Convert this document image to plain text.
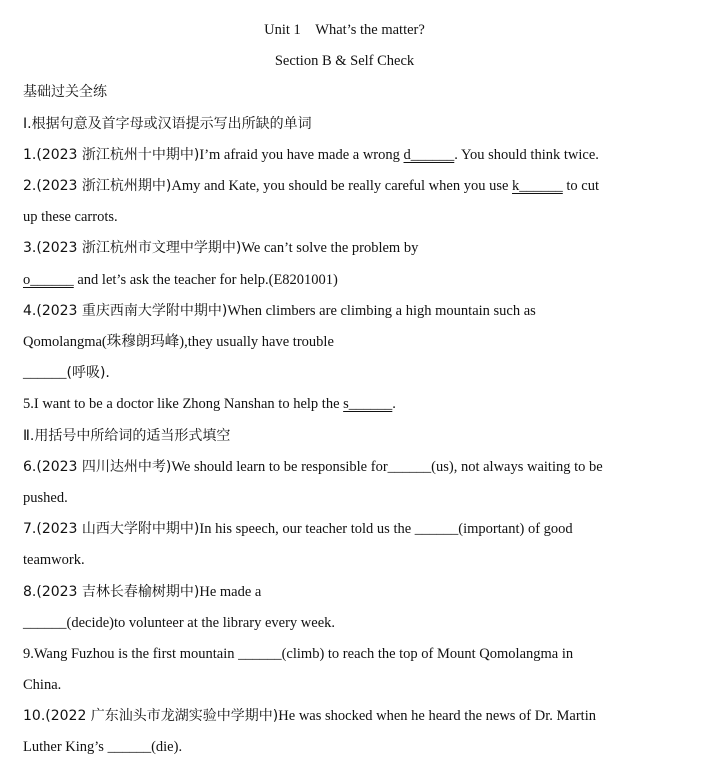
Unit 1 What’s the matter?
Section B & Self Check
基础过关全练
Ⅰ.根据句意及首字母或汉语提示写出所缺的单词
1.(2023 浙江杭州十中期中)I’m afraid you have made a wrong d______. You should think twice.
2.(2023 浙江杭州期中)Amy and Kate, you should be really careful when you use k______ to cut
up these carrots.
3.(2023 浙江杭州市文理中学期中)We can’t solve the problem by
o______ and let’s ask the teacher for help.(E8201001)
4.(2023 重庆西南大学附中期中)When climbers are climbing a high mountain such as
Qomolangma(珠穆朗玛峰),they usually have trouble
______(呼吸).
5.I want to be a doctor like Zhong Nanshan to help the s______.
Ⅱ.用括号中所给词的适当形式填空
6.(2023 四川达州中考)We should learn to be responsible for______(us), not always waiting to be
pushed.
7.(2023 山西大学附中期中)In his speech, our teacher told us the ______(important) of good
teamwork.
8.(2023 吉林长春榆树期中)He made a
______(decide)to volunteer at the library every week.
9.Wang Fuzhou is the first mountain ______(climb) to reach the top of Mount Qomolangma in
China.
10.(2022 广东汕头市龙湖实验中学期中)He was shocked when he heard the news of Dr. Martin
Luther King’s ______(die).
